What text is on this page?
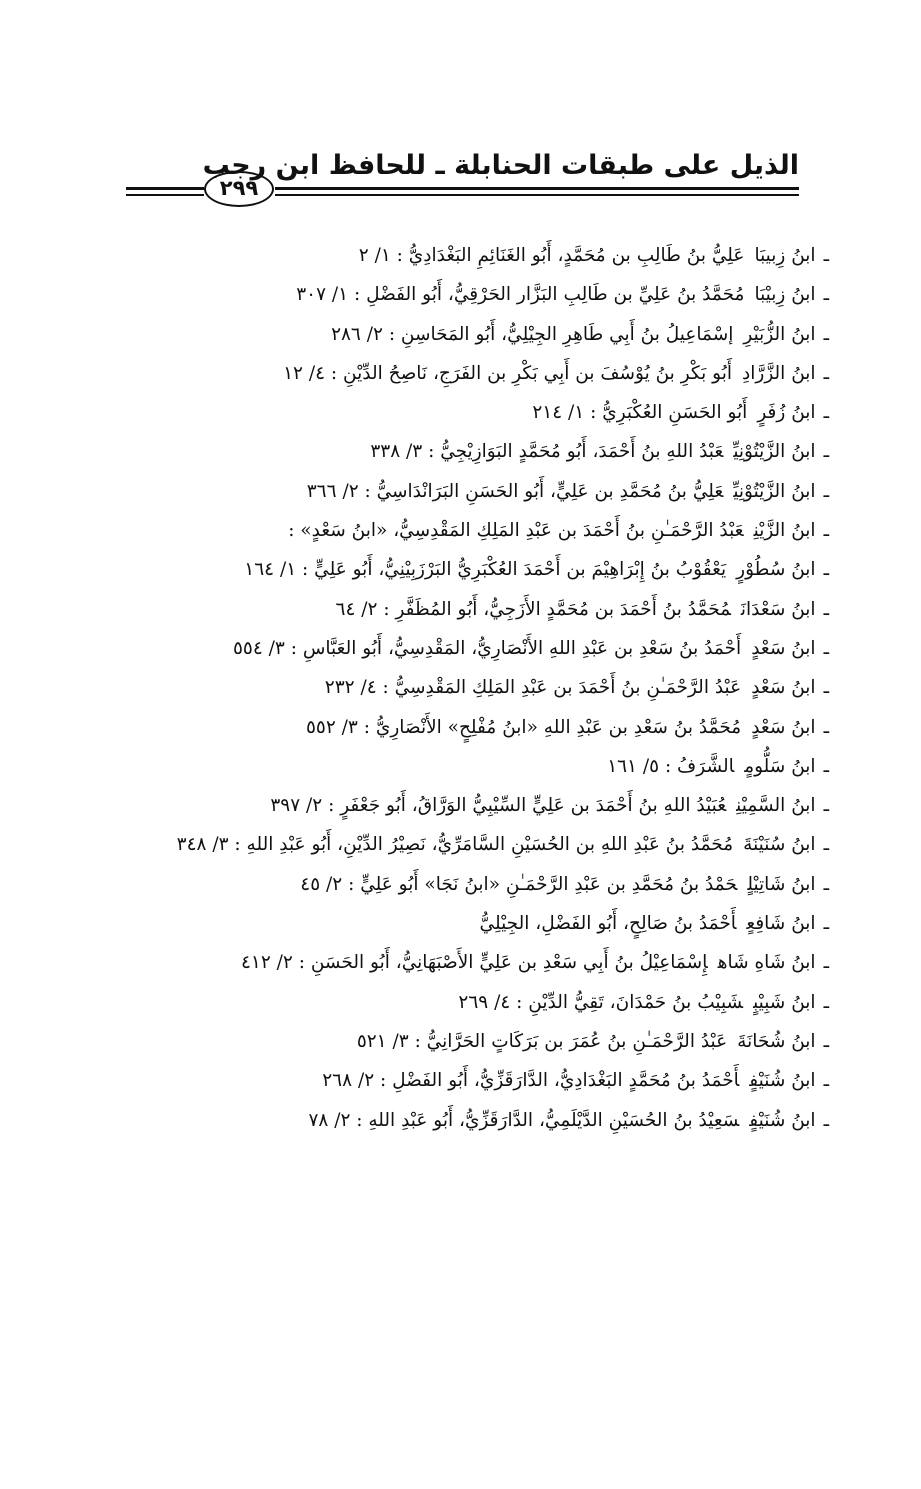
الذيل على طبقات الحنابلة ـ للحافظ ابن رجب
٢٩٩
ـابنُ زِبيبَاعَلِيُّ بنُ طَالِبِ بن مُحَمَّدٍ، أَبُو الغَنَائِمِ البَغْدَادِيُّ : ١/ ٢
ـابنُ زِبيْبَامُحَمَّدُ بنُ عَلِيِّ بن طَالِبِ البَزَّار الحَرْقِيُّ، أَبُو الفَضْلِ : ١/ ٣٠٧
ـابنُ الزُّبَيْرِإسْمَاعِيلُ بنُ أَبِي طَاهِرِ الجِيْلِيُّ، أَبُو المَحَاسِنِ : ٢/ ٢٨٦
ـابنُ الزَّرَّادِأَبُو بَكْرِ بنُ يُوْسُفَ بن أَبِي بَكْرِ بن الفَرَجِ، نَاصِحُ الدِّيْنِ : ٤/ ١٢
ـابنُ زُفَرٍأَبُو الحَسَنِ العُكْبَرِيُّ : ١/ ٢١٤
ـابنُ الزَّيْتُوْنِيِّعَبْدُ اللهِ بنُ أَحْمَدَ، أَبُو مُحَمَّدٍ البَوَازِيْجِيُّ : ٣/ ٣٣٨
ـابنُ الزَّيْتُوْنِيِّعَلِيُّ بنُ مُحَمَّدِ بن عَلِيٍّ، أَبُو الحَسَنِ البَرَانْدَاسِيُّ : ٢/ ٣٦٦
ـابنُ الزَّيْنِعَبْدُ الرَّحْمَـٰنِ بنُ أَحْمَدَ بن عَبْدِ المَلِكِ المَقْدِسِيُّ، «ابنُ سَعْدٍ» :
ـابنُ سُطُوْرٍيَعْقُوْبُ بنُ إِبْرَاهِيْمَ بن أَحْمَدَ العُكْبَرِيُّ البَرْزَبِيْنِيُّ، أَبُو عَلِيٍّ : ١/ ١٦٤
ـابنُ سَعْدَانَمُحَمَّدُ بنُ أَحْمَدَ بن مُحَمَّدٍ الأَزَجِيُّ، أَبُو المُظَفَّرِ : ٢/ ٦٤
ـابنُ سَعْدٍأَحْمَدُ بنُ سَعْدِ بن عَبْدِ اللهِ الأَنْصَارِيُّ، المَقْدِسِيُّ، أَبُو العَبَّاسِ : ٣/ ٥٥٤
ـابنُ سَعْدٍعَبْدُ الرَّحْمَـٰنِ بنُ أَحْمَدَ بن عَبْدِ المَلِكِ المَقْدِسِيُّ : ٤/ ٢٣٢
ـابنُ سَعْدٍمُحَمَّدُ بنُ سَعْدِ بن عَبْدِ اللهِ «ابنُ مُفْلِحٍ» الأَنْصَارِيُّ : ٣/ ٥٥٢
ـابنُ سَلُّومٍالشَّرَفُ : ٥/ ١٦١
ـابنُ السَّمِيْنِعُبَيْدُ اللهِ بنُ أَحْمَدَ بن عَلِيٍّ السِّيْبِيُّ الوَرَّاقُ، أَبُو جَعْفَرٍ : ٢/ ٣٩٧
ـابنُ سُنَيْنَةَمُحَمَّدُ بنُ عَبْدِ اللهِ بن الحُسَيْنِ السَّامَرِّيُّ، نَصِيْرُ الدِّيْنِ، أَبُو عَبْدِ اللهِ : ٣/ ٣٤٨
ـابنُ شَاتِيْلٍحَمْدُ بنُ مُحَمَّدِ بن عَبْدِ الرَّحْمَـٰنِ «ابنُ نَجَا» أَبُو عَلِيٍّ : ٢/ ٤٥
ـابنُ شَافِعٍأَحْمَدُ بنُ صَالِحٍ، أَبُو الفَضْلِ، الجِيْلِيُّ
ـابنُ شَاهِ شَاهإِسْمَاعِيْلُ بنُ أَبِي سَعْدِ بن عَلِيٍّ الأَصْبَهَانِيُّ، أَبُو الحَسَنِ : ٢/ ٤١٢
ـابنُ شَبِيْبٍشَبِيْبُ بنُ حَمْدَانَ، تَقِيُّ الدِّيْنِ : ٤/ ٢٦٩
ـابنُ شُحَانَةَعَبْدُ الرَّحْمَـٰنِ بنُ عُمَرَ بن بَرَكَاتٍ الحَرَّانِيُّ : ٣/ ٥٢١
ـابنُ شُنَيْفٍأَحْمَدُ بنُ مُحَمَّدٍ البَغْدَادِيُّ، الدَّارَقَزِّيُّ، أَبُو الفَضْلِ : ٢/ ٢٦٨
ـابنُ شُنَيْفٍسَعِيْدُ بنُ الحُسَيْنِ الدَّيْلَمِيُّ، الدَّارَقَزِّيُّ، أَبُو عَبْدِ اللهِ : ٢/ ٧٨
